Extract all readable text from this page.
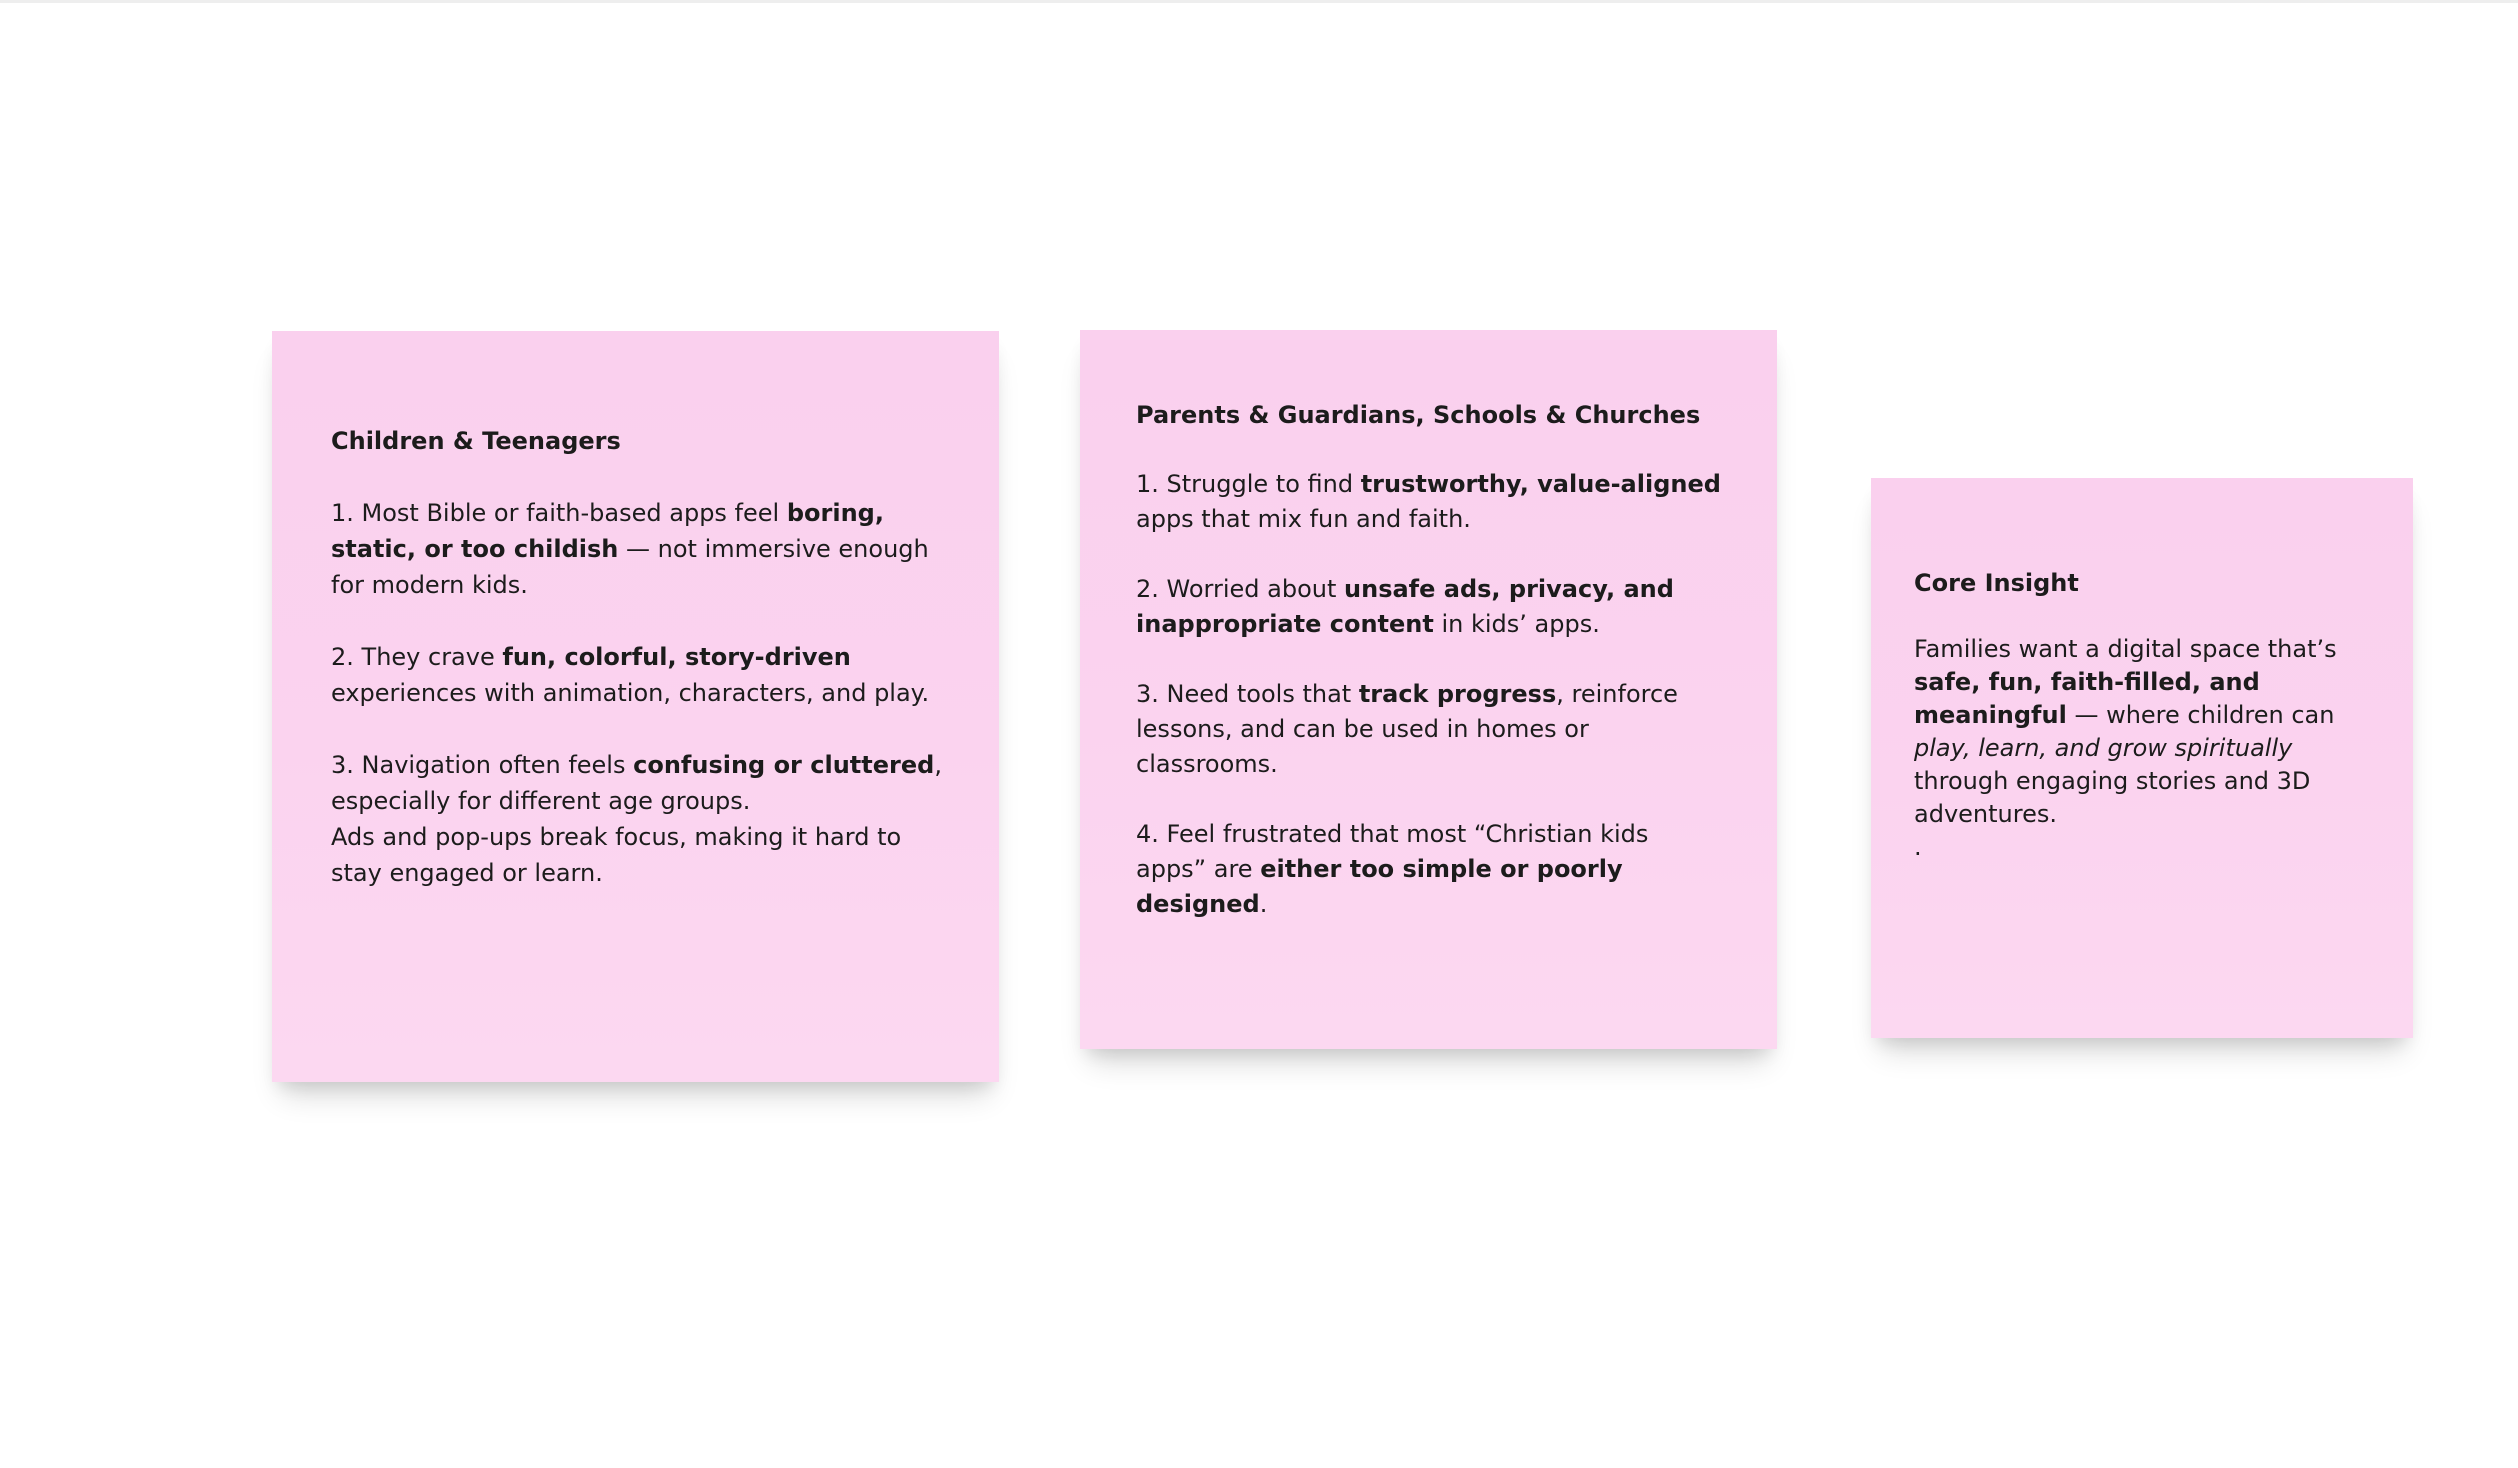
Children & Teenagers
1. Most Bible or faith-based apps feel boring, static, or too childish — not immersive enough for modern kids.
2. They crave fun, colorful, story-driven experiences with animation, characters, and play.
3. Navigation often feels confusing or cluttered, especially for different age groups.
Ads and pop-ups break focus, making it hard to stay engaged or learn.
Parents & Guardians, Schools & Churches
1. Struggle to find trustworthy, value-aligned apps that mix fun and faith.
2. Worried about unsafe ads, privacy, and inappropriate content in kids’ apps.
3. Need tools that track progress, reinforce lessons, and can be used in homes or classrooms.
4. Feel frustrated that most “Christian kids apps” are either too simple or poorly designed.
Core Insight
Families want a digital space that’s safe, fun, faith-filled, and meaningful — where children can play, learn, and grow spiritually through engaging stories and 3D adventures.
.
